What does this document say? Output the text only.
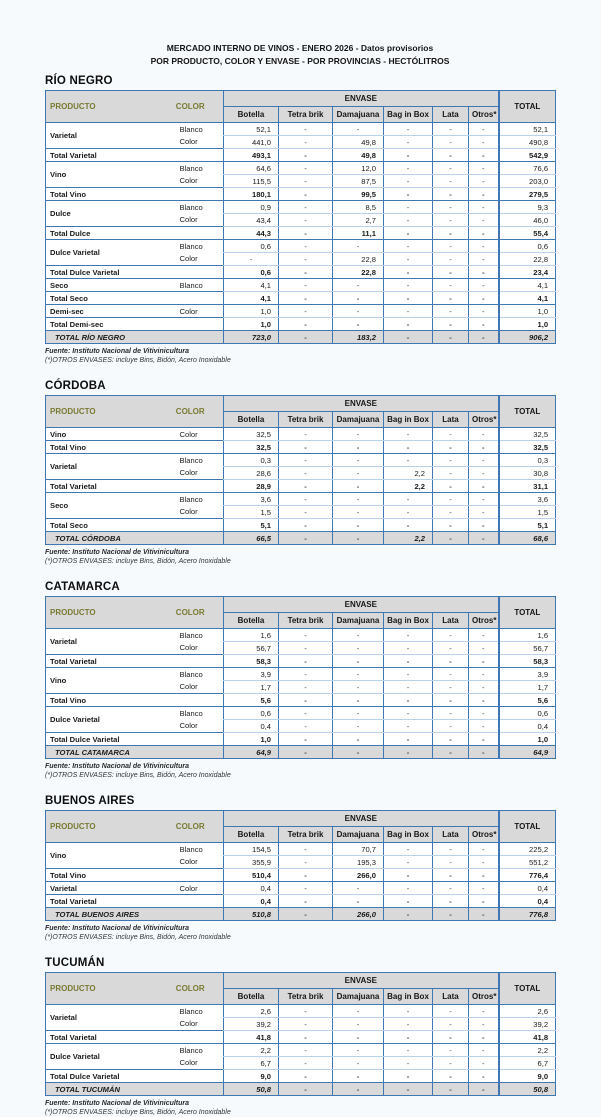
MERCADO INTERNO DE VINOS - ENERO 2026 - Datos provisorios
POR PRODUCTO, COLOR Y ENVASE - POR PROVINCIAS - HECTÓLITROS
RÍO NEGRO
PRODUCTO	COLOR	ENVASE						TOTAL
		Botella	Tetra brik	Damajuana	Bag in Box	Lata	Otros*	
Varietal	Blanco	52,1	-	-	-	-	-	52,1
	Color	441,0	-	49,8	-	-	-	490,8
Total Varietal		493,1	-	49,8	-	-	-	542,9
Vino	Blanco	64,6	-	12,0	-	-	-	76,6
	Color	115,5	-	87,5	-	-	-	203,0
Total Vino		180,1	-	99,5	-	-	-	279,5
Dulce	Blanco	0,9	-	8,5	-	-	-	9,3
	Color	43,4	-	2,7	-	-	-	46,0
Total Dulce		44,3	-	11,1	-	-	-	55,4
Dulce Varietal	Blanco	0,6	-	-	-	-	-	0,6
	Color	-	-	22,8	-	-	-	22,8
Total Dulce Varietal		0,6	-	22,8	-	-	-	23,4
Seco	Blanco	4,1	-	-	-	-	-	4,1
Total Seco		4,1	-	-	-	-	-	4,1
Demi-sec	Color	1,0	-	-	-	-	-	1,0
Total Demi-sec		1,0	-	-	-	-	-	1,0
TOTAL RÍO NEGRO		723,0	-	183,2	-	-	-	906,2
Fuente: Instituto Nacional de Vitivinicultura
(*)OTROS ENVASES: incluye Bins, Bidón, Acero Inoxidable
CÓRDOBA
PRODUCTO	COLOR	ENVASE						TOTAL
		Botella	Tetra brik	Damajuana	Bag in Box	Lata	Otros*	
Vino	Color	32,5	-	-	-	-	-	32,5
Total Vino		32,5	-	-	-	-	-	32,5
Varietal	Blanco	0,3	-	-	-	-	-	0,3
	Color	28,6	-	-	2,2	-	-	30,8
Total Varietal		28,9	-	-	2,2	-	-	31,1
Seco	Blanco	3,6	-	-	-	-	-	3,6
	Color	1,5	-	-	-	-	-	1,5
Total Seco		5,1	-	-	-	-	-	5,1
TOTAL CÓRDOBA		66,5	-	-	2,2	-	-	68,6
Fuente: Instituto Nacional de Vitivinicultura
(*)OTROS ENVASES: incluye Bins, Bidón, Acero Inoxidable
CATAMARCA
PRODUCTO	COLOR	ENVASE						TOTAL
		Botella	Tetra brik	Damajuana	Bag in Box	Lata	Otros*	
Varietal	Blanco	1,6	-	-	-	-	-	1,6
	Color	56,7	-	-	-	-	-	56,7
Total Varietal		58,3	-	-	-	-	-	58,3
Vino	Blanco	3,9	-	-	-	-	-	3,9
	Color	1,7	-	-	-	-	-	1,7
Total Vino		5,6	-	-	-	-	-	5,6
Dulce Varietal	Blanco	0,6	-	-	-	-	-	0,6
	Color	0,4	-	-	-	-	-	0,4
Total Dulce Varietal		1,0	-	-	-	-	-	1,0
TOTAL CATAMARCA		64,9	-	-	-	-	-	64,9
Fuente: Instituto Nacional de Vitivinicultura
(*)OTROS ENVASES: incluye Bins, Bidón, Acero Inoxidable
BUENOS AIRES
PRODUCTO	COLOR	ENVASE						TOTAL
		Botella	Tetra brik	Damajuana	Bag in Box	Lata	Otros*	
Vino	Blanco	154,5	-	70,7	-	-	-	225,2
	Color	355,9	-	195,3	-	-	-	551,2
Total Vino		510,4	-	266,0	-	-	-	776,4
Varietal	Color	0,4	-	-	-	-	-	0,4
Total Varietal		0,4	-	-	-	-	-	0,4
TOTAL BUENOS AIRES		510,8	-	266,0	-	-	-	776,8
Fuente: Instituto Nacional de Vitivinicultura
(*)OTROS ENVASES: incluye Bins, Bidón, Acero Inoxidable
TUCUMÁN
PRODUCTO	COLOR	ENVASE						TOTAL
		Botella	Tetra brik	Damajuana	Bag in Box	Lata	Otros*	
Varietal	Blanco	2,6	-	-	-	-	-	2,6
	Color	39,2	-	-	-	-	-	39,2
Total Varietal		41,8	-	-	-	-	-	41,8
Dulce Varietal	Blanco	2,2	-	-	-	-	-	2,2
	Color	6,7	-	-	-	-	-	6,7
Total Dulce Varietal		9,0	-	-	-	-	-	9,0
TOTAL TUCUMÁN		50,8	-	-	-	-	-	50,8
Fuente: Instituto Nacional de Vitivinicultura
(*)OTROS ENVASES: incluye Bins, Bidón, Acero Inoxidable
